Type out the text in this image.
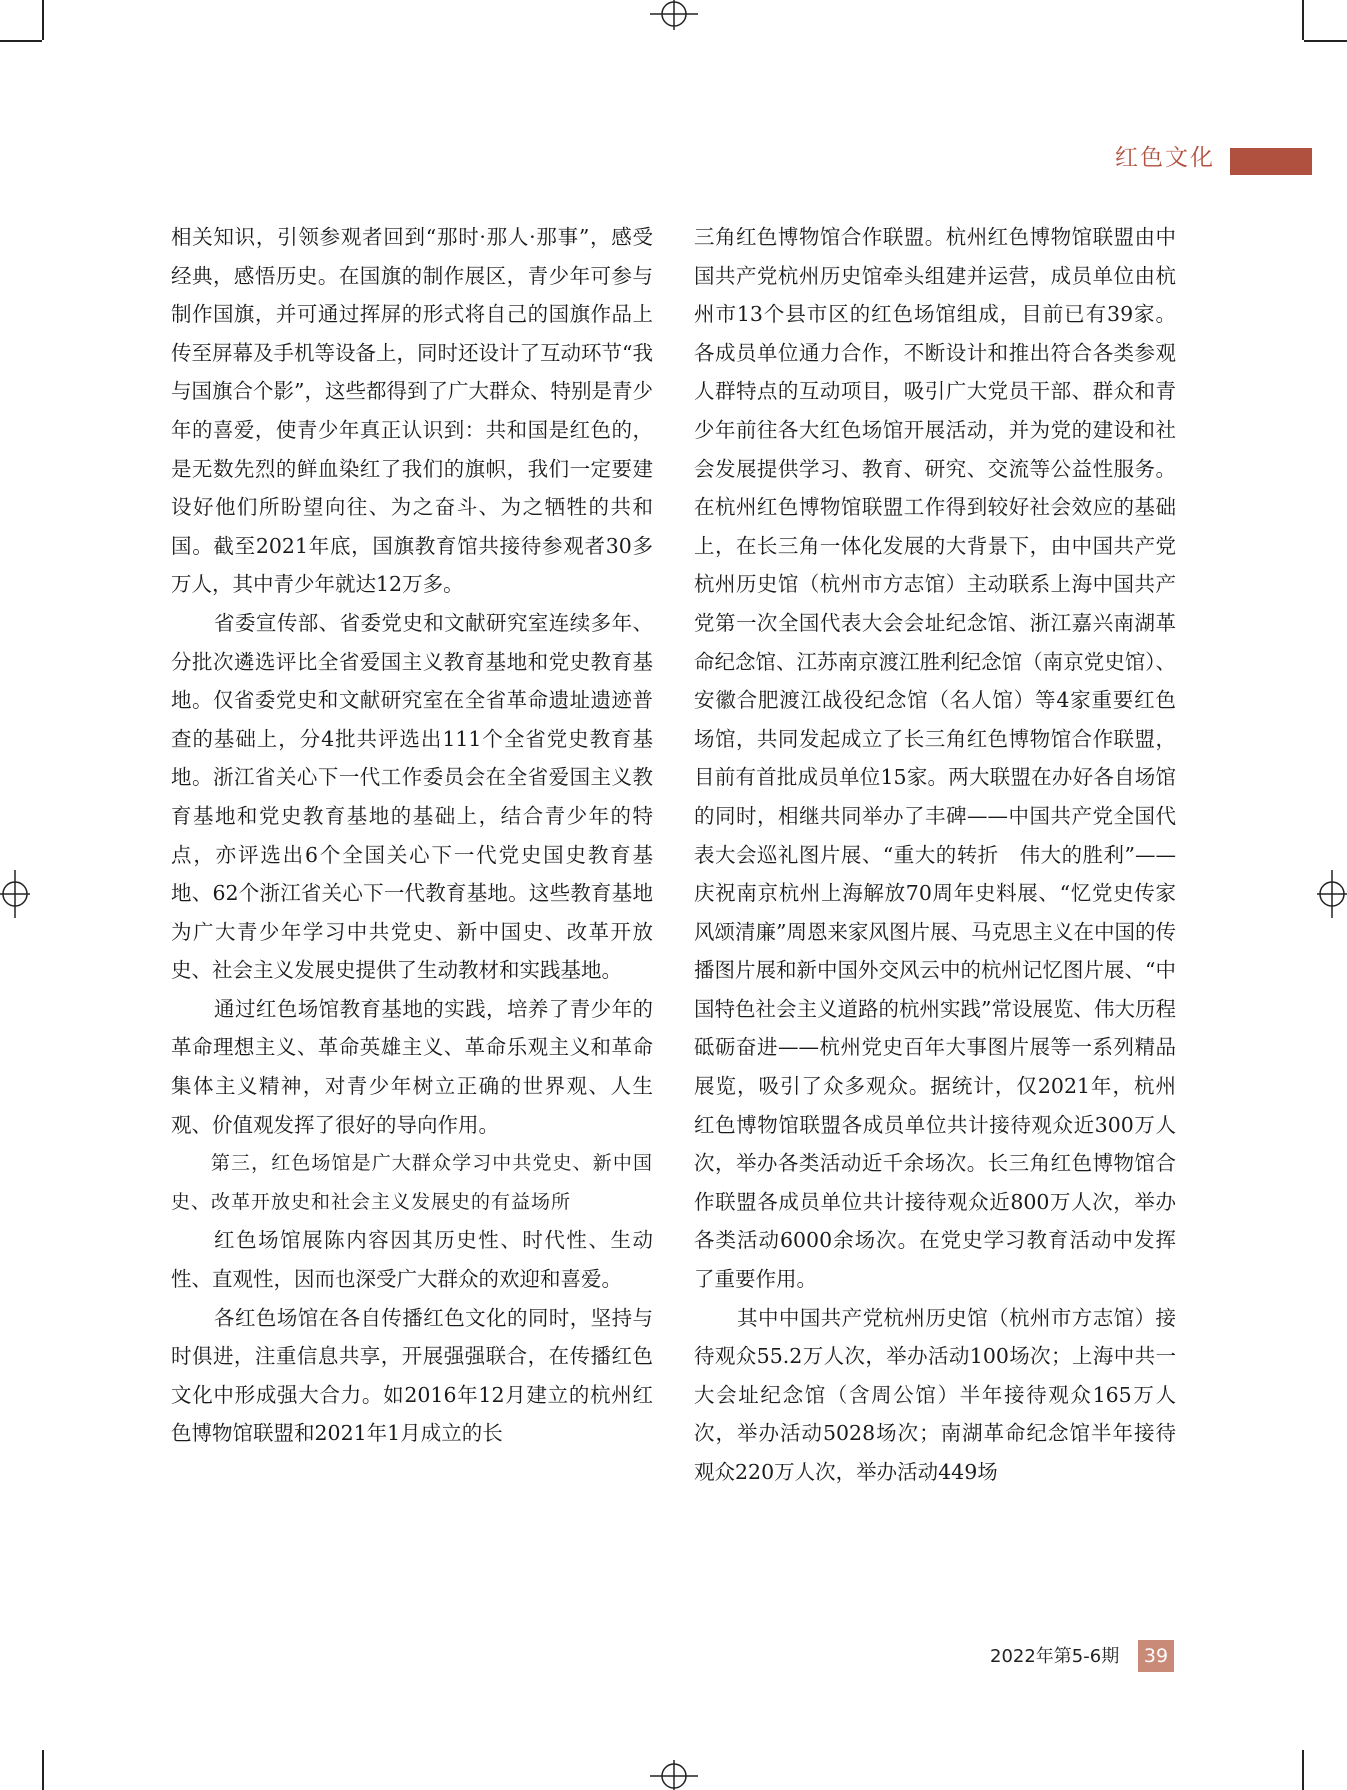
红色文化

相关知识，引领参观者回到“那时·那人·那事”，感受经典，感悟历史。在国旗的制作展区，青少年可参与制作国旗，并可通过挥屏的形式将自己的国旗作品上传至屏幕及手机等设备上，同时还设计了互动环节“我与国旗合个影”，这些都得到了广大群众、特别是青少年的喜爱，使青少年真正认识到：共和国是红色的，是无数先烈的鲜血染红了我们的旗帜，我们一定要建设好他们所盼望向往、为之奋斗、为之牺牲的共和国。截至2021年底，国旗教育馆共接待参观者30多万人，其中青少年就达12万多。

省委宣传部、省委党史和文献研究室连续多年、分批次遴选评比全省爱国主义教育基地和党史教育基地。仅省委党史和文献研究室在全省革命遗址遗迹普查的基础上，分4批共评选出111个全省党史教育基地。浙江省关心下一代工作委员会在全省爱国主义教育基地和党史教育基地的基础上，结合青少年的特点，亦评选出6个全国关心下一代党史国史教育基地、62个浙江省关心下一代教育基地。这些教育基地为广大青少年学习中共党史、新中国史、改革开放史、社会主义发展史提供了生动教材和实践基地。

通过红色场馆教育基地的实践，培养了青少年的革命理想主义、革命英雄主义、革命乐观主义和革命集体主义精神，对青少年树立正确的世界观、人生观、价值观发挥了很好的导向作用。

第三，红色场馆是广大群众学习中共党史、新中国史、改革开放史和社会主义发展史的有益场所

红色场馆展陈内容因其历史性、时代性、生动性、直观性，因而也深受广大群众的欢迎和喜爱。

各红色场馆在各自传播红色文化的同时，坚持与时俱进，注重信息共享，开展强强联合，在传播红色文化中形成强大合力。如2016年12月建立的杭州红色博物馆联盟和2021年1月成立的长

三角红色博物馆合作联盟。杭州红色博物馆联盟由中国共产党杭州历史馆牵头组建并运营，成员单位由杭州市13个县市区的红色场馆组成，目前已有39家。各成员单位通力合作，不断设计和推出符合各类参观人群特点的互动项目，吸引广大党员干部、群众和青少年前往各大红色场馆开展活动，并为党的建设和社会发展提供学习、教育、研究、交流等公益性服务。在杭州红色博物馆联盟工作得到较好社会效应的基础上，在长三角一体化发展的大背景下，由中国共产党杭州历史馆（杭州市方志馆）主动联系上海中国共产党第一次全国代表大会会址纪念馆、浙江嘉兴南湖革命纪念馆、江苏南京渡江胜利纪念馆（南京党史馆）、安徽合肥渡江战役纪念馆（名人馆）等4家重要红色场馆，共同发起成立了长三角红色博物馆合作联盟，目前有首批成员单位15家。两大联盟在办好各自场馆的同时，相继共同举办了丰碑——中国共产党全国代表大会巡礼图片展、“重大的转折　伟大的胜利”——庆祝南京杭州上海解放70周年史料展、“忆党史传家风颂清廉”周恩来家风图片展、马克思主义在中国的传播图片展和新中国外交风云中的杭州记忆图片展、“中国特色社会主义道路的杭州实践”常设展览、伟大历程　砥砺奋进——杭州党史百年大事图片展等一系列精品展览，吸引了众多观众。据统计，仅2021年，杭州红色博物馆联盟各成员单位共计接待观众近300万人次，举办各类活动近千余场次。长三角红色博物馆合作联盟各成员单位共计接待观众近800万人次，举办各类活动6000余场次。在党史学习教育活动中发挥了重要作用。

其中中国共产党杭州历史馆（杭州市方志馆）接待观众55.2万人次，举办活动100场次；上海中共一大会址纪念馆（含周公馆）半年接待观众165万人次，举办活动5028场次；南湖革命纪念馆半年接待观众220万人次，举办活动449场

2022年第5-6期	39
